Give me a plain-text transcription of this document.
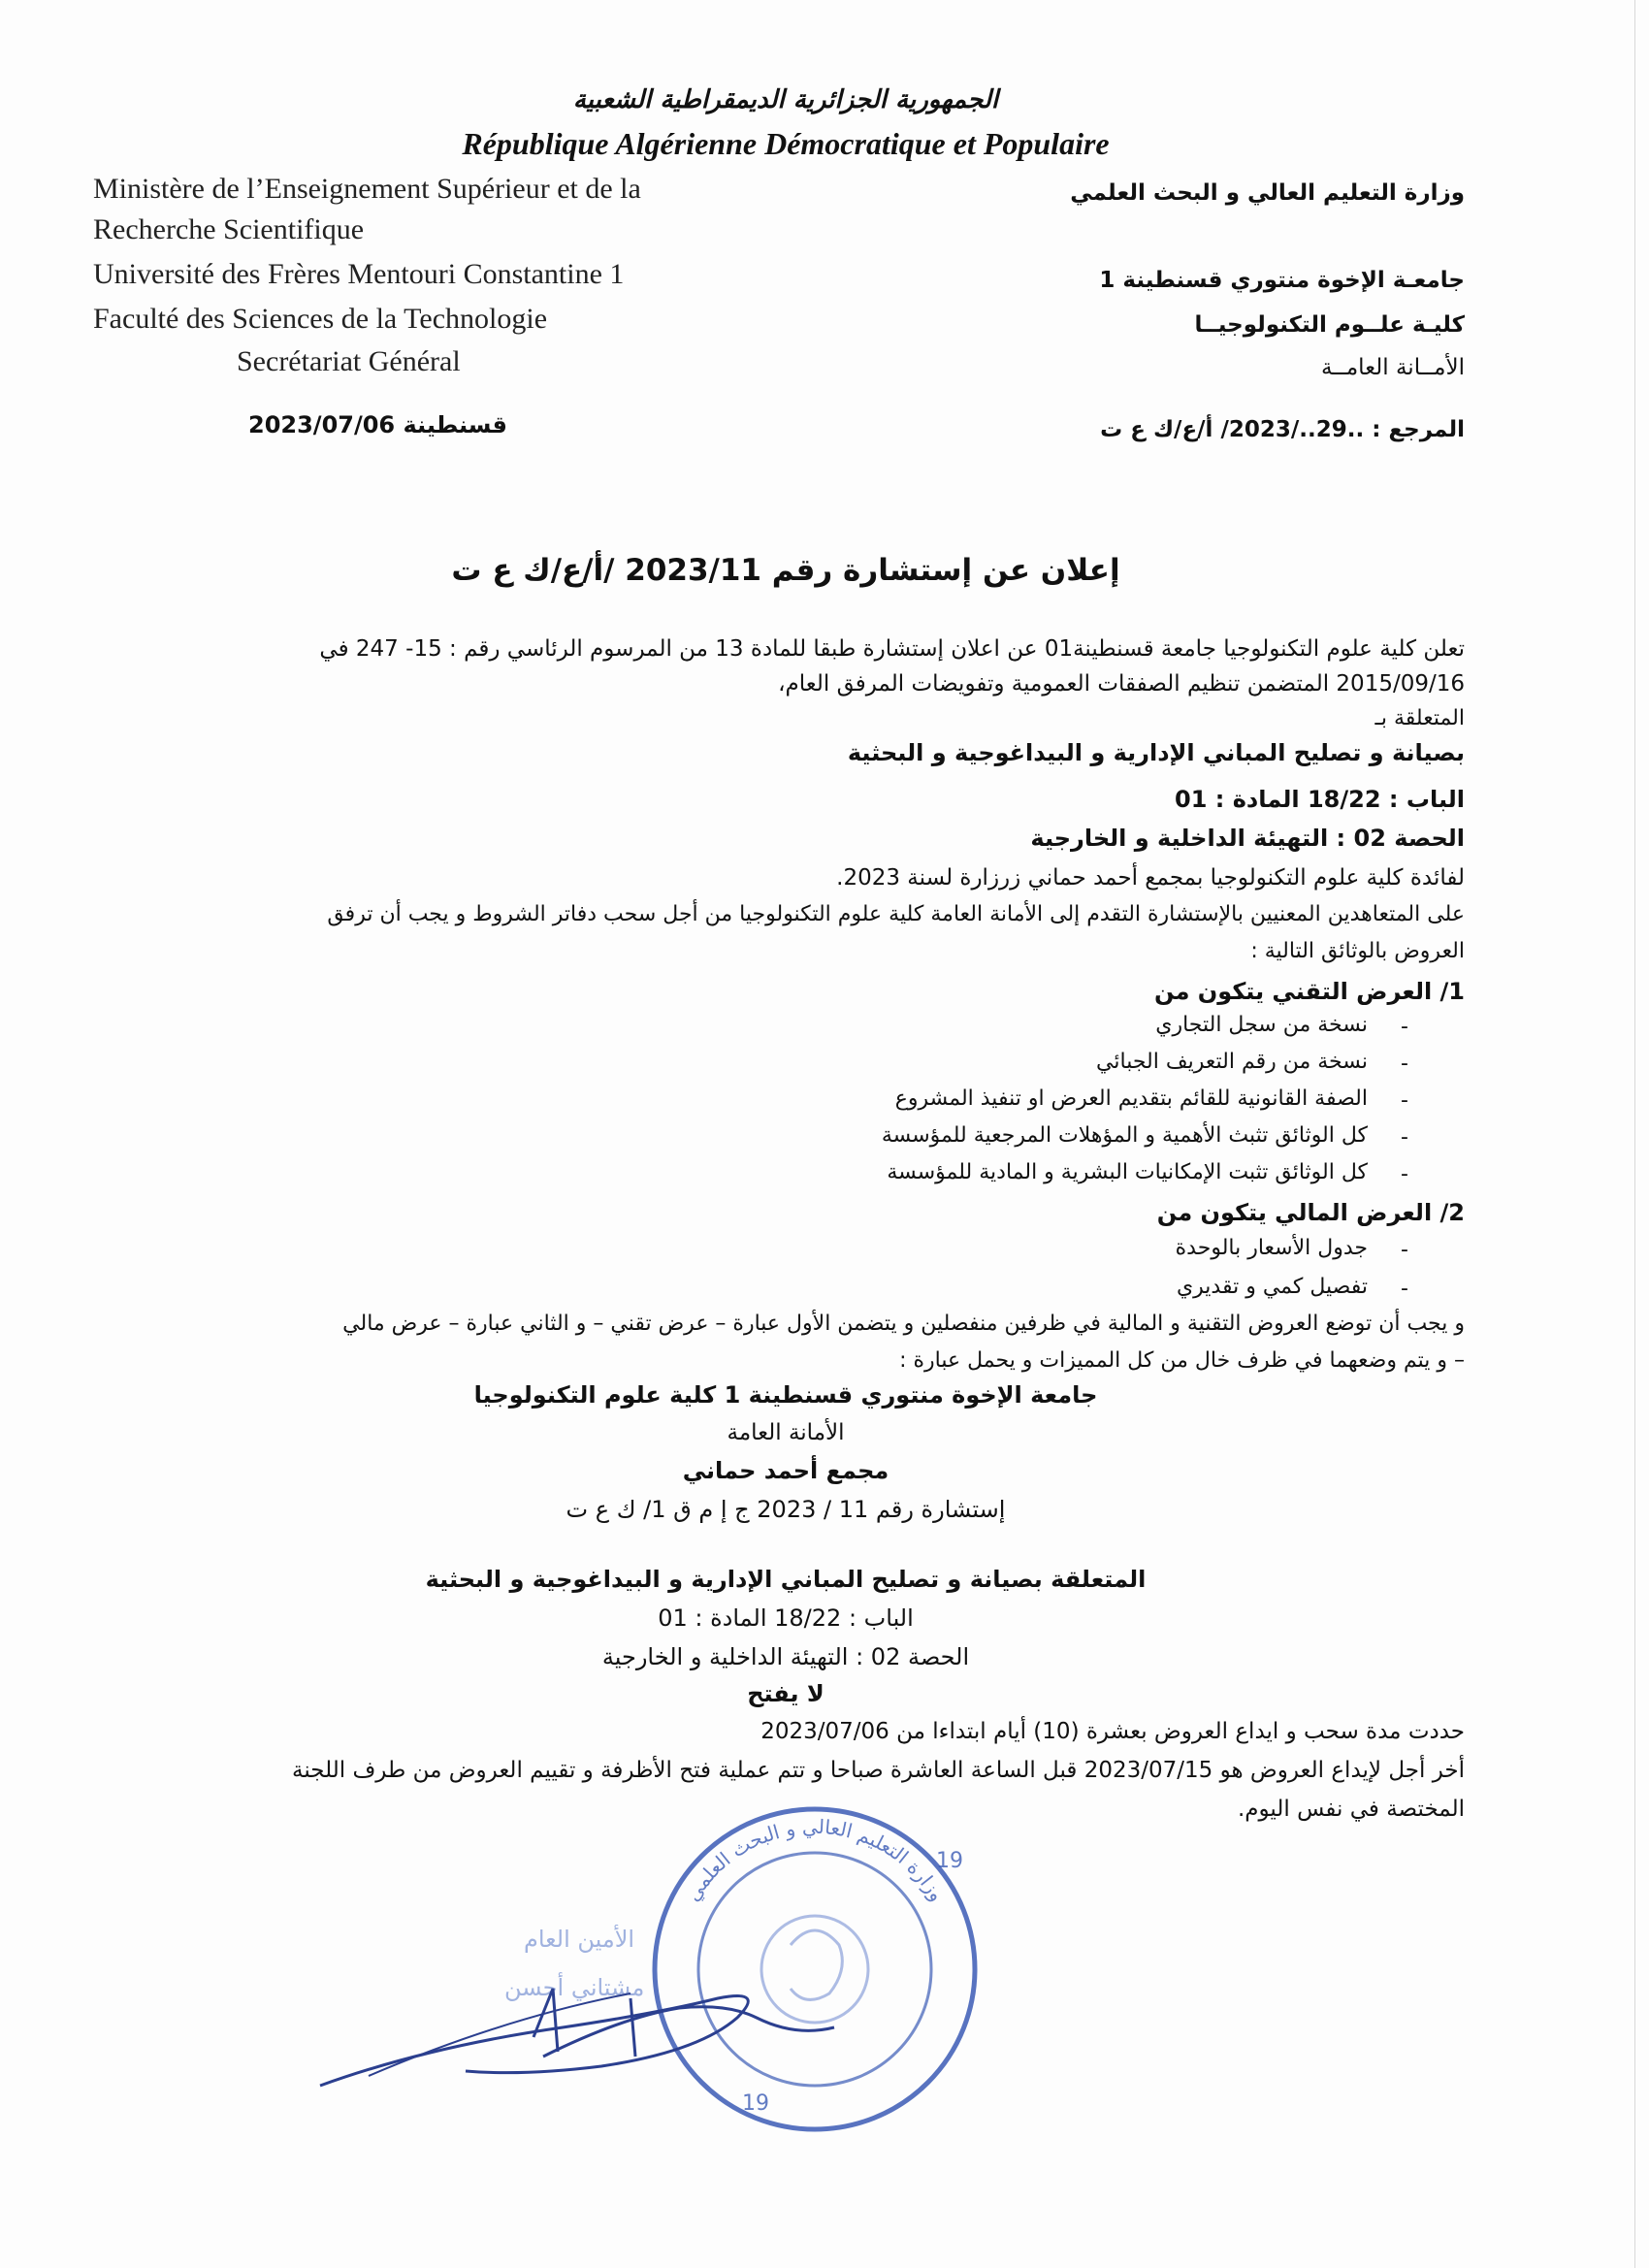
الجمهورية الجزائرية الديمقراطية الشعبية
République Algérienne Démocratique et Populaire
Ministère de l’Enseignement Supérieur et de la
Recherche Scientifique
Université des Frères Mentouri Constantine 1
Faculté des Sciences de la Technologie
Secrétariat Général
وزارة التعليم العالي و البحث العلمي
جامعـة الإخوة منتوري قسنطينة 1
كليـة علــوم التكنولوجيــا
الأمــانة العامــة
قسنطينة 2023/07/06	المرجع : ..29../2023/ أ/ع/ك ع ت
إعلان عن إستشارة رقم 2023/11 /أ/ع/ك ع ت
تعلن كلية علوم التكنولوجيا جامعة قسنطينة01 عن اعلان إستشارة طبقا للمادة 13 من المرسوم الرئاسي رقم : 15- 247 في
2015/09/16 المتضمن تنظيم الصفقات العمومية وتفويضات المرفق العام،
المتعلقة بـ
بصيانة و تصليح المباني الإدارية و البيداغوجية و البحثية
الباب : 18/22 المادة : 01
الحصة 02 : التهيئة الداخلية و الخارجية
لفائدة كلية علوم التكنولوجيا بمجمع أحمد حماني زرزارة لسنة 2023.
على المتعاهدين المعنيين بالإستشارة التقدم إلى الأمانة العامة كلية علوم التكنولوجيا من أجل سحب دفاتر الشروط و يجب أن ترفق
العروض بالوثائق التالية :
1/ العرض التقني يتكون من
-
نسخة من سجل التجاري
-
نسخة من رقم التعريف الجبائي
-
الصفة القانونية للقائم بتقديم العرض او تنفيذ المشروع
-
كل الوثائق تثبث الأهمية و المؤهلات المرجعية للمؤسسة
-
كل الوثائق تثبت الإمكانيات البشرية و المادية للمؤسسة
2/ العرض المالي يتكون من
-
جدول الأسعار بالوحدة
-
تفصيل كمي و تقديري
و يجب أن توضع العروض التقنية و المالية في ظرفين منفصلين و يتضمن الأول عبارة – عرض تقني – و الثاني عبارة – عرض مالي
– و يتم وضعهما في ظرف خال من كل المميزات و يحمل عبارة :
جامعة الإخوة منتوري قسنطينة 1 كلية علوم التكنولوجيا
الأمانة العامة
مجمع أحمد حماني
إستشارة رقم 11 / 2023 ج إ م ق 1/ ك ع ت
المتعلقة بصيانة و تصليح المباني الإدارية و البيداغوجية و البحثية
الباب : 18/22 المادة : 01
الحصة 02 : التهيئة الداخلية و الخارجية
لا يفتح
حددت مدة سحب و ايداع العروض بعشرة (10) أيام ابتداءا من 2023/07/06
أخر أجل لإيداع العروض هو 2023/07/15 قبل الساعة العاشرة صباحا و تتم عملية فتح الأظرفة و تقييم العروض من طرف اللجنة
المختصة في نفس اليوم.
وزارة التعليم العالي و البحث العلمي
19
19
الأمين العام
مشتاني أحسن
